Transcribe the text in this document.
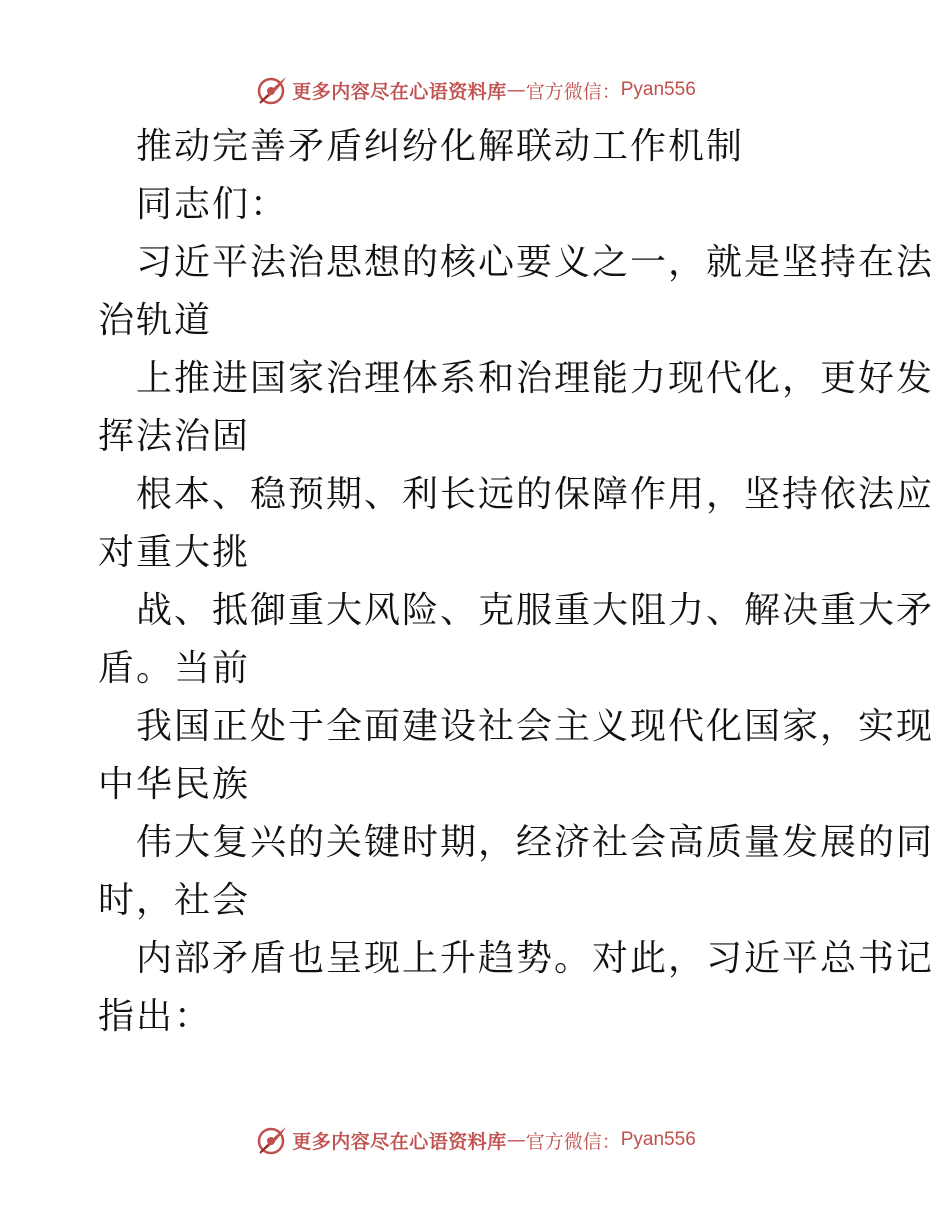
更多内容尽在心语资料库 — 官方微信： Pyan556
推动完善矛盾纠纷化解联动工作机制
同志们：
习近平法治思想的核心要义之一，就是坚持在法
治轨道
上推进国家治理体系和治理能力现代化，更好发
挥法治固
根本、稳预期、利长远的保障作用，坚持依法应
对重大挑
战、抵御重大风险、克服重大阻力、解决重大矛
盾。当前
我国正处于全面建设社会主义现代化国家，实现
中华民族
伟大复兴的关键时期，经济社会高质量发展的同
时，社会
内部矛盾也呈现上升趋势。对此，习近平总书记
指出：
更多内容尽在心语资料库 — 官方微信： Pyan556
